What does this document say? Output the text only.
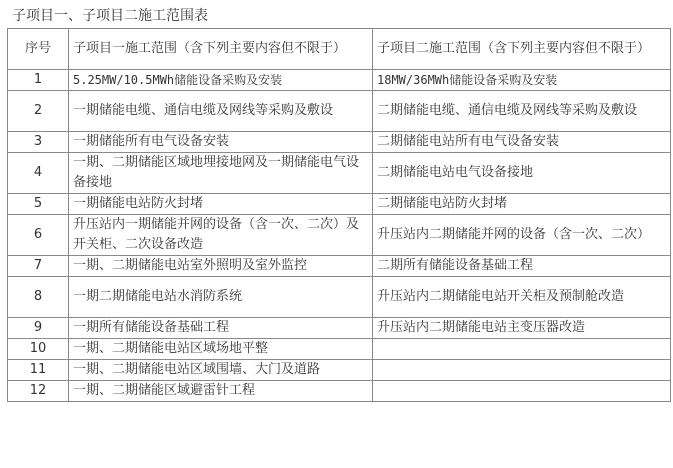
子项目一、子项目二施工范围表
序号	子项目一施工范围（含下列主要内容但不限于）	子项目二施工范围（含下列主要内容但不限于）
1	5.25MW/10.5MWh储能设备采购及安装	18MW/36MWh储能设备采购及安装
2	一期储能电缆、通信电缆及网线等采购及敷设	二期储能电缆、通信电缆及网线等采购及敷设
3	一期储能所有电气设备安装	二期储能电站所有电气设备安装
4	一期、二期储能区域地埋接地网及一期储能电气设备接地	二期储能电站电气设备接地
5	一期储能电站防火封堵	二期储能电站防火封堵
6	升压站内一期储能并网的设备（含一次、二次）及开关柜、二次设备改造	升压站内二期储能并网的设备（含一次、二次）
7	一期、二期储能电站室外照明及室外监控	二期所有储能设备基础工程
8	一期二期储能电站水消防系统	升压站内二期储能电站开关柜及预制舱改造
9	一期所有储能设备基础工程	升压站内二期储能电站主变压器改造
10	一期、二期储能电站区域场地平整	
11	一期、二期储能电站区域围墙、大门及道路	
12	一期、二期储能区域避雷针工程	
